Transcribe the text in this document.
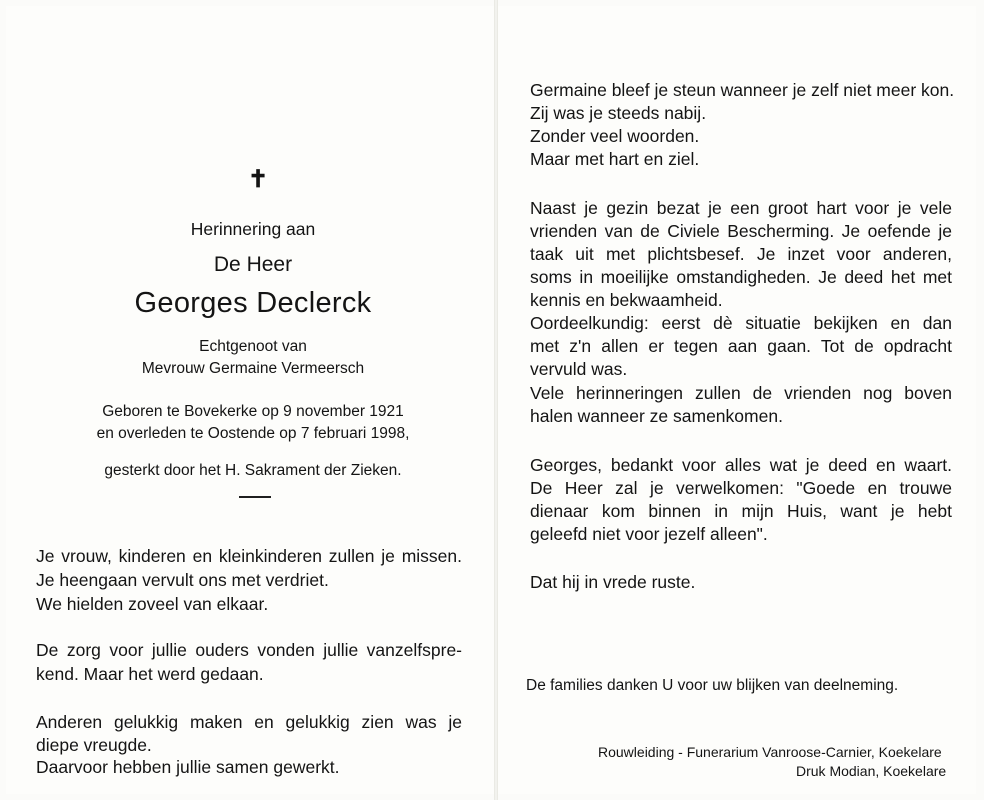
✝
Herinnering aan
De Heer
Georges Declerck
Echtgenoot van
Mevrouw Germaine Vermeersch
Geboren te Bovekerke op 9 november 1921
en overleden te Oostende op 7 februari 1998,
gesterkt door het H. Sakrament der Zieken.
Je vrouw, kinderen en kleinkinderen zullen je missen.
Je heengaan vervult ons met verdriet.
We hielden zoveel van elkaar.
De zorg voor jullie ouders vonden jullie vanzelfspre-
kend. Maar het werd gedaan.
Anderen gelukkig maken en gelukkig zien was je
diepe vreugde.
Daarvoor hebben jullie samen gewerkt.
Germaine bleef je steun wanneer je zelf niet meer kon.
Zij was je steeds nabij.
Zonder veel woorden.
Maar met hart en ziel.
Naast je gezin bezat je een groot hart voor je vele
vrienden van de Civiele Bescherming. Je oefende je
taak uit met plichtsbesef. Je inzet voor anderen,
soms in moeilijke omstandigheden. Je deed het met
kennis en bekwaamheid.
Oordeelkundig: eerst dè situatie bekijken en dan
met z'n allen er tegen aan gaan. Tot de opdracht
vervuld was.
Vele herinneringen zullen de vrienden nog boven
halen wanneer ze samenkomen.
Georges, bedankt voor alles wat je deed en waart.
De Heer zal je verwelkomen: "Goede en trouwe
dienaar kom binnen in mijn Huis, want je hebt
geleefd niet voor jezelf alleen".
Dat hij in vrede ruste.
De families danken U voor uw blijken van deelneming.
Rouwleiding - Funerarium Vanroose-Carnier, Koekelare
Druk Modian, Koekelare
